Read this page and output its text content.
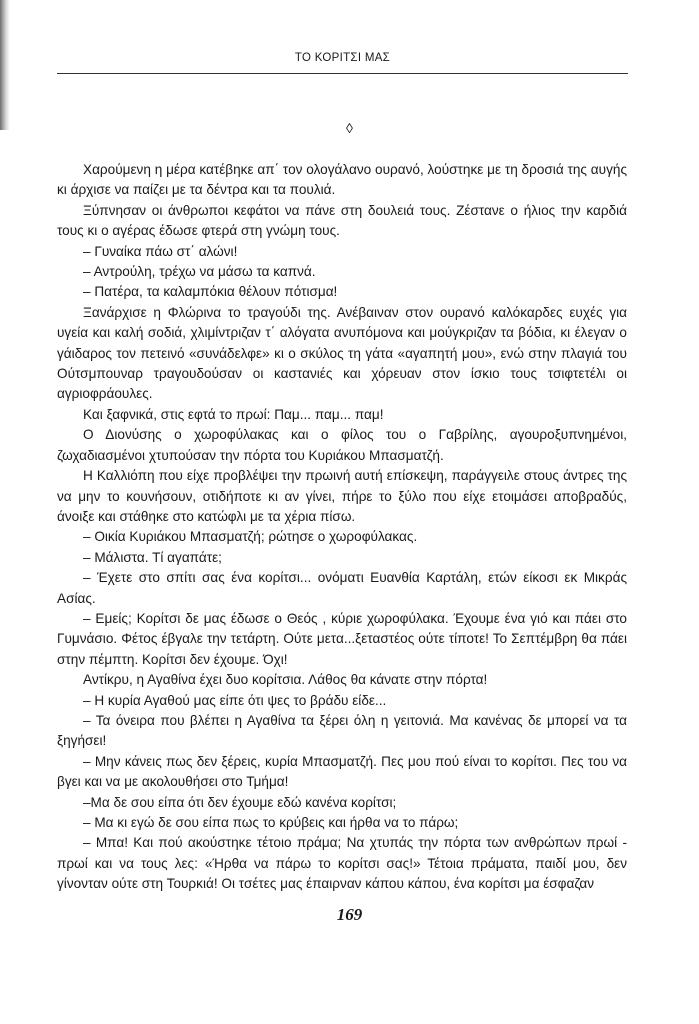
ΤΟ ΚΟΡΙΤΣΙ ΜΑΣ
◊

Χαρούμενη η μέρα κατέβηκε απ΄ τον ολογάλανο ουρανό, λούστηκε με τη δροσιά της αυγής κι άρχισε να παίζει με τα δέντρα και τα πουλιά.

Ξύπνησαν οι άνθρωποι κεφάτοι να πάνε στη δουλειά τους. Ζέστανε ο ήλιος την καρδιά τους κι ο αγέρας έδωσε φτερά στη γνώμη τους.

– Γυναίκα πάω στ΄ αλώνι!

– Αντρούλη, τρέχω να μάσω τα καπνά.

– Πατέρα, τα καλαμπόκια θέλουν πότισμα!

Ξανάρχισε η Φλώρινα το τραγούδι της. Ανέβαιναν στον ουρανό καλόκαρδες ευχές για υγεία και καλή σοδιά, χλιμίντριζαν τ΄ αλόγατα ανυπόμονα και μούγκριζαν τα βόδια, κι έλεγαν ο γάιδαρος τον πετεινό «συνάδελφε» κι ο σκύλος τη γάτα «αγαπητή μου», ενώ στην πλαγιά του Ούτσμπουναρ τραγουδούσαν οι καστανιές και χόρευαν στον ίσκιο τους τσιφτετέλι οι αγριοφράουλες.

Και ξαφνικά, στις εφτά το πρωί: Παμ... παμ... παμ!

Ο Διονύσης ο χωροφύλακας και ο φίλος του ο Γαβρίλης, αγουροξυπνημένοι, ζωχαδιασμένοι χτυπούσαν την πόρτα του Κυριάκου Μπασματζή.

Η Καλλιόπη που είχε προβλέψει την πρωινή αυτή επίσκεψη, παράγγειλε στους άντρες της να μην το κουνήσουν, οτιδήποτε κι αν γίνει, πήρε το ξύλο που είχε ετοιμάσει αποβραδύς, άνοιξε και στάθηκε στο κατώφλι με τα χέρια πίσω.

– Οικία Κυριάκου Μπασματζή; ρώτησε ο χωροφύλακας.

– Μάλιστα. Τί αγαπάτε;

– Έχετε στο σπίτι σας ένα κορίτσι... ονόματι Ευανθία Καρτάλη, ετών είκοσι εκ Μικράς Ασίας.

– Εμείς; Κορίτσι δε μας έδωσε ο Θεός , κύριε χωροφύλακα. Έχουμε ένα γιό και πάει στο Γυμνάσιο. Φέτος έβγαλε την τετάρτη. Ούτε μετα...ξεταστέος ούτε τίποτε! Το Σεπτέμβρη θα πάει στην πέμπτη. Κορίτσι δεν έχουμε. Όχι!

Αντίκρυ, η Αγαθίνα έχει δυο κορίτσια. Λάθος θα κάνατε στην πόρτα!

– Η κυρία Αγαθού μας είπε ότι ψες το βράδυ είδε...

– Τα όνειρα που βλέπει η Αγαθίνα τα ξέρει όλη η γειτονιά. Μα κανένας δε μπορεί να τα ξηγήσει!

– Μην κάνεις πως δεν ξέρεις, κυρία Μπασματζή. Πες μου πού είναι το κορίτσι. Πες του να βγει και να με ακολουθήσει στο Τμήμα!

–Μα δε σου είπα ότι δεν έχουμε εδώ κανένα κορίτσι;

– Μα κι εγώ δε σου είπα πως το κρύβεις και ήρθα να το πάρω;

– Μπα! Και πού ακούστηκε τέτοιο πράμα; Να χτυπάς την πόρτα των ανθρώπων πρωί - πρωί και να τους λες: «Ήρθα να πάρω το κορίτσι σας!» Τέτοια πράματα, παιδί μου, δεν γίνονταν ούτε στη Τουρκιά! Οι τσέτες μας έπαιρναν κάπου κάπου, ένα κορίτσι μα έσφαζαν

169
